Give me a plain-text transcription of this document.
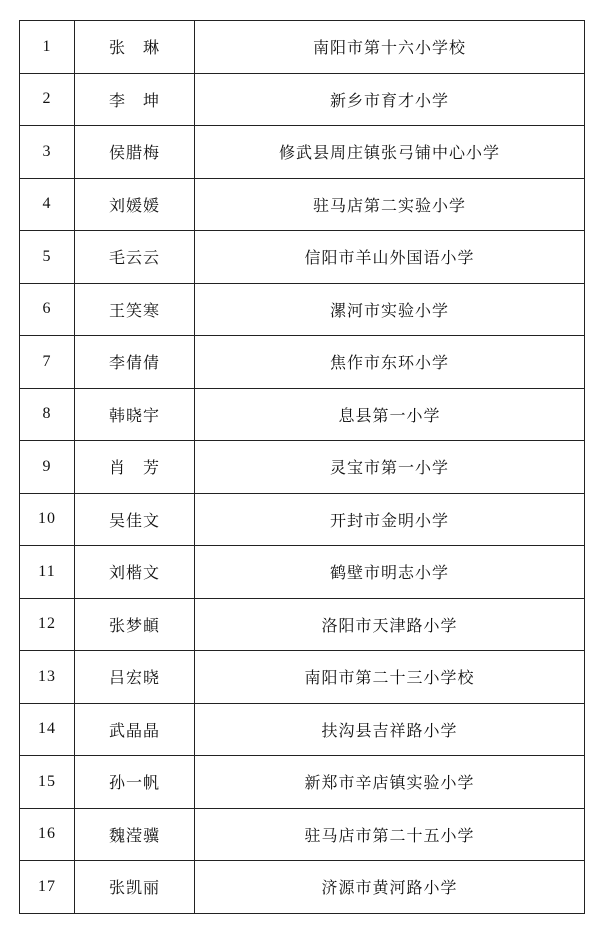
1	张　琳	南阳市第十六小学校
2	李　坤	新乡市育才小学
3	侯腊梅	修武县周庄镇张弓铺中心小学
4	刘媛媛	驻马店第二实验小学
5	毛云云	信阳市羊山外国语小学
6	王笑寒	漯河市实验小学
7	李倩倩	焦作市东环小学
8	韩晓宇	息县第一小学
9	肖　芳	灵宝市第一小学
10	吴佳文	开封市金明小学
11	刘楷文	鹤壁市明志小学
12	张梦頔	洛阳市天津路小学
13	吕宏晓	南阳市第二十三小学校
14	武晶晶	扶沟县吉祥路小学
15	孙一帆	新郑市辛店镇实验小学
16	魏滢骥	驻马店市第二十五小学
17	张凯丽	济源市黄河路小学
